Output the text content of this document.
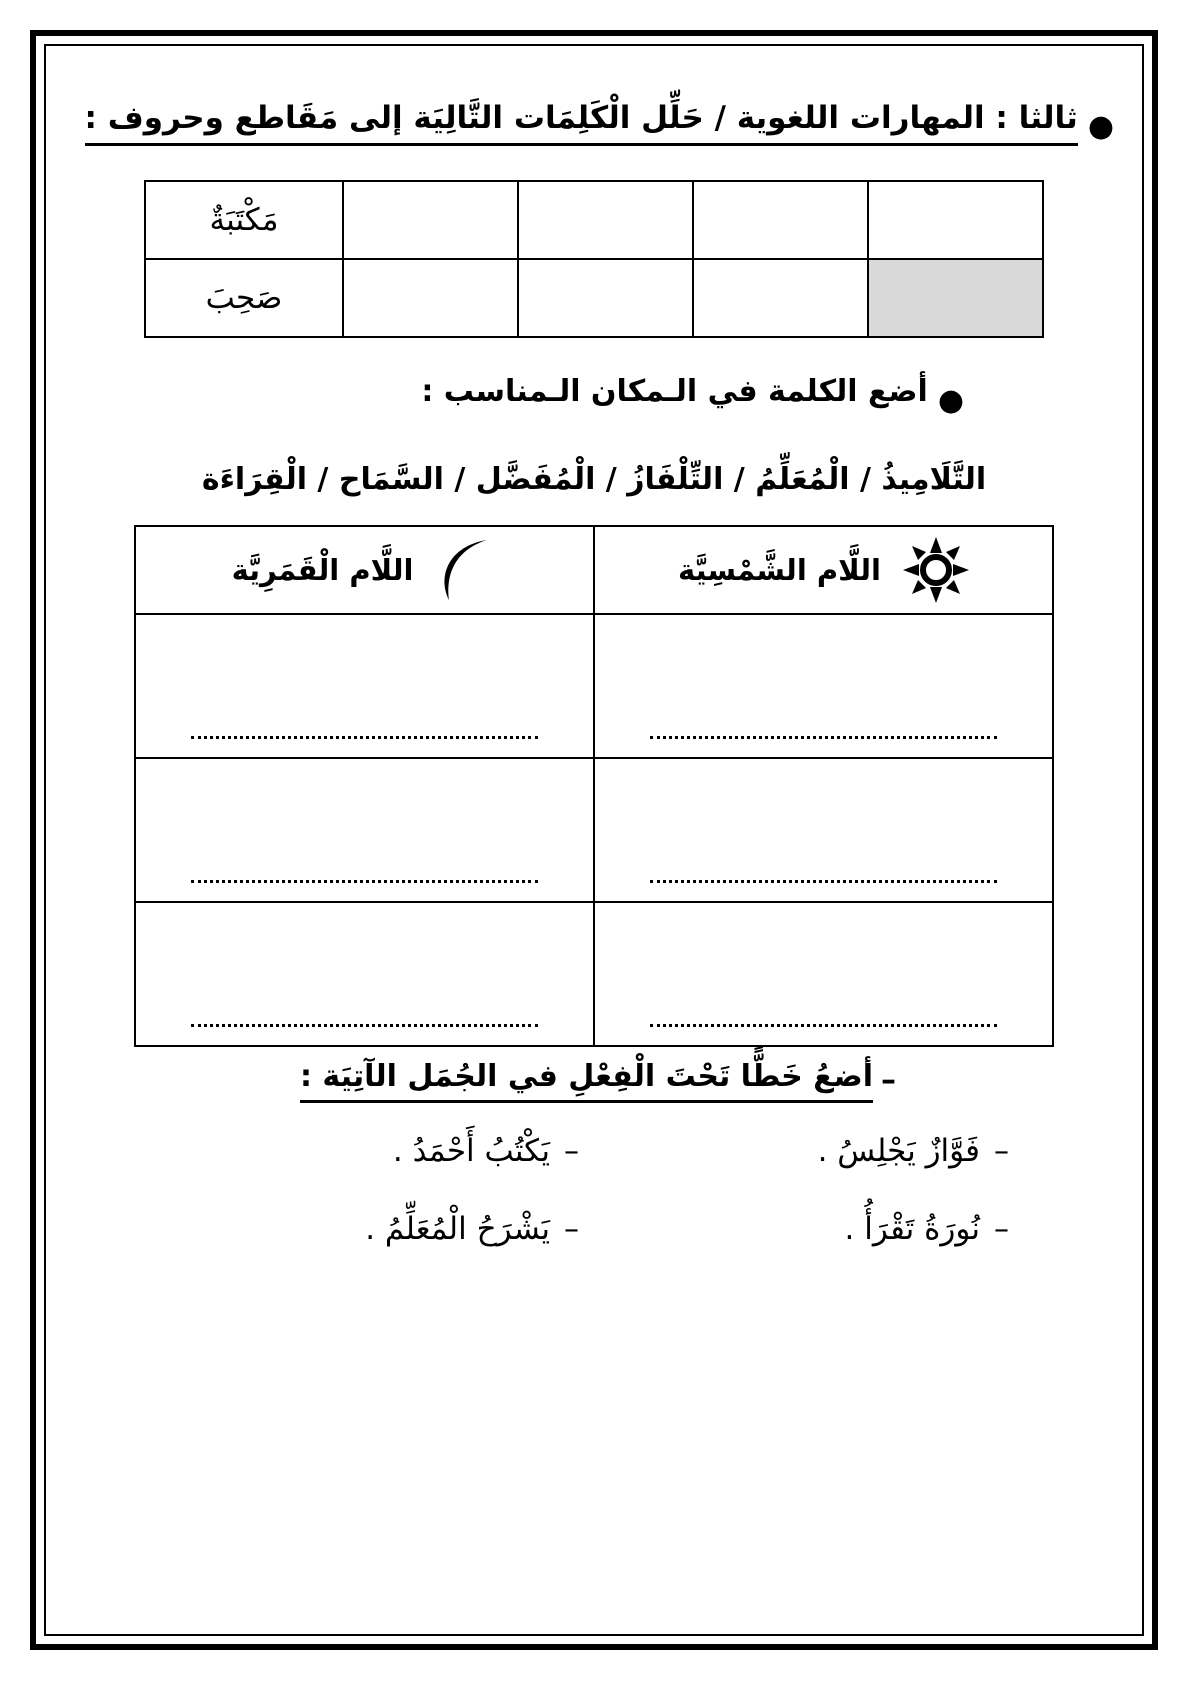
●
ثالثا : المهارات اللغوية / حَلِّل الْكَلِمَات التَّالِيَة إلى مَقَاطع وحروف :
				مَكْتَبَةٌ
				صَحِبَ
●
أضع الكلمة في الـمكان الـمناسب :
التَّلَامِيذُ / الْمُعَلِّمُ / التِّلْفَازُ / الْمُفَضَّل / السَّمَاح / الْقِرَاءَة
اللَّام الشَّمْسِيَّة	اللَّام الْقَمَرِيَّة

–
أضعُ خَطًّا تَحْتَ الْفِعْلِ في الجُمَل الآتِيَة :
–
فَوَّازٌ يَجْلِسُ .
–
يَكْتُبُ أَحْمَدُ .
–
نُورَةُ تَقْرَأُ .
–
يَشْرَحُ الْمُعَلِّمُ .
